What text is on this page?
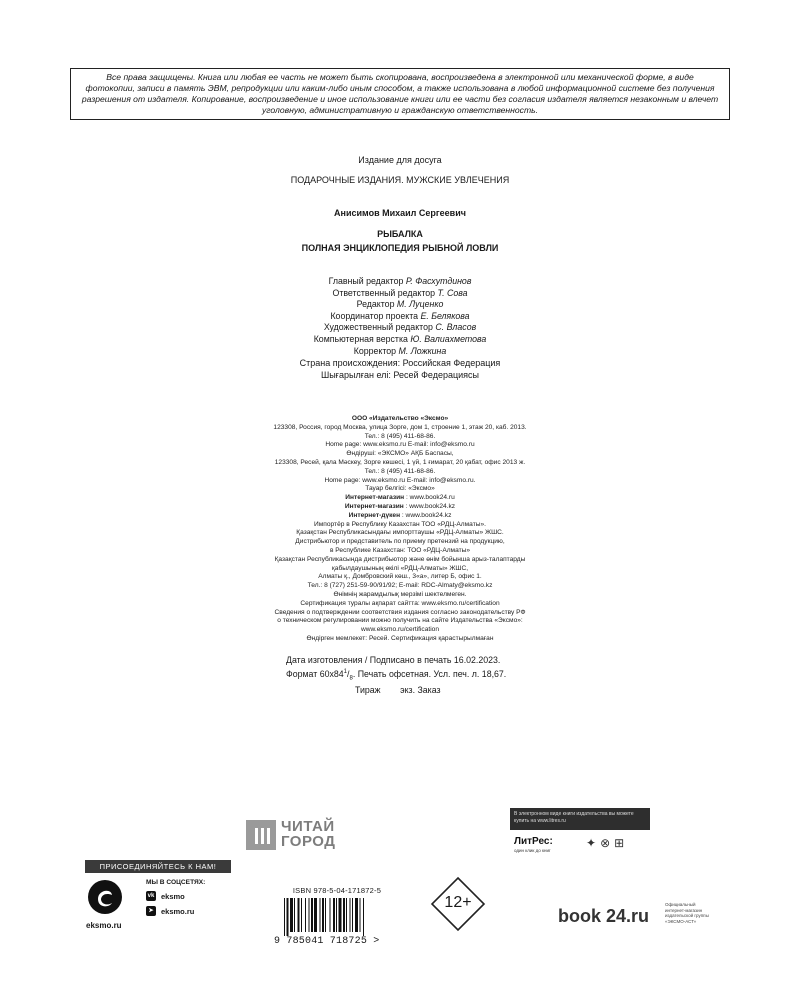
Все права защищены. Книга или любая ее часть не может быть скопирована, воспроизведена в электронной или механической форме, в виде фотокопии, записи в память ЭВМ, репродукции или каким-либо иным способом, а также использована в любой информационной системе без получения разрешения от издателя. Копирование, воспроизведение и иное использование книги или ее части без согласия издателя является незаконным и влечет уголовную, административную и гражданскую ответственность.
Издание для досуга
ПОДАРОЧНЫЕ ИЗДАНИЯ. МУЖСКИЕ УВЛЕЧЕНИЯ
Анисимов Михаил Сергеевич
РЫБАЛКА
ПОЛНАЯ ЭНЦИКЛОПЕДИЯ РЫБНОЙ ЛОВЛИ
Главный редактор Р. Фасхутдинов
Ответственный редактор Т. Сова
Редактор М. Луценко
Координатор проекта Е. Белякова
Художественный редактор С. Власов
Компьютерная верстка Ю. Валиахметова
Корректор М. Ложкина
Страна происхождения: Российская Федерация
Шығарылған елі: Ресей Федерациясы
ООО «Издательство «Эксмо»
123308, Россия, город Москва, улица Зорге, дом 1, строение 1, этаж 20, каб. 2013.
Тел.: 8 (495) 411-68-86.
Home page: www.eksmo.ru E-mail: info@eksmo.ru
Өндіруші: «ЭКСМО» АҚБ Баспасы,
123308, Ресей, қала Мәскеу, Зорге көшесі, 1 үй, 1 ғимарат, 20 қабат, офис 2013 ж.
Тел.: 8 (495) 411-68-86.
Home page: www.eksmo.ru E-mail: info@eksmo.ru.
Тауар белгісі: «Эксмо»
Интернет-магазин : www.book24.ru
Интернет-магазин : www.book24.kz
Интернет-дүкен : www.book24.kz
Импортёр в Республику Казахстан ТОО «РДЦ-Алматы».
Қазақстан Республикасындағы импорттаушы «РДЦ-Алматы» ЖШС.
Дистрибьютор и представитель по приему претензий на продукцию,
в Республике Казахстан: ТОО «РДЦ-Алматы»
Қазақстан Республикасында дистрибьютор және өнім бойынша арыз-талаптарды
қабылдаушының өкілі «РДЦ-Алматы» ЖШС,
Алматы қ., Домбровский көш., 3«а», литер Б, офис 1.
Тел.: 8 (727) 251-59-90/91/92; E-mail: RDC-Almaty@eksmo.kz
Өнімнің жарамдылық мерзімі шектелмеген.
Сертификация туралы ақпарат сайтта: www.eksmo.ru/certification
Сведения о подтверждении соответствия издания согласно законодательству РФ
о техническом регулировании можно получить на сайте Издательства «Эксмо»:
www.eksmo.ru/certification
Өндірген мемлекет: Ресей. Сертификация қарастырылмаған
Дата изготовления / Подписано в печать 16.02.2023.
Формат $60x84^1/_8$. Печать офсетная. Усл. печ. л. 18,67.
Тираж        экз. Заказ
ЧИТАЙ
ГОРОД
В электронном виде книги издательства вы можете купить на www.litres.ru
ЛитРес:
один клик до книг
✦⊗⊞
ПРИСОЕДИНЯЙТЕСЬ К НАМ!
eksmo.ru
МЫ В СОЦСЕТЯХ:
vk eksmo
➤ eksmo.ru
ISBN 978-5-04-171872-5
9 785041 718725 >
12+
book 24.ru
Официальный интернет-магазин издательской группы «ЭКСМО-АСТ»
